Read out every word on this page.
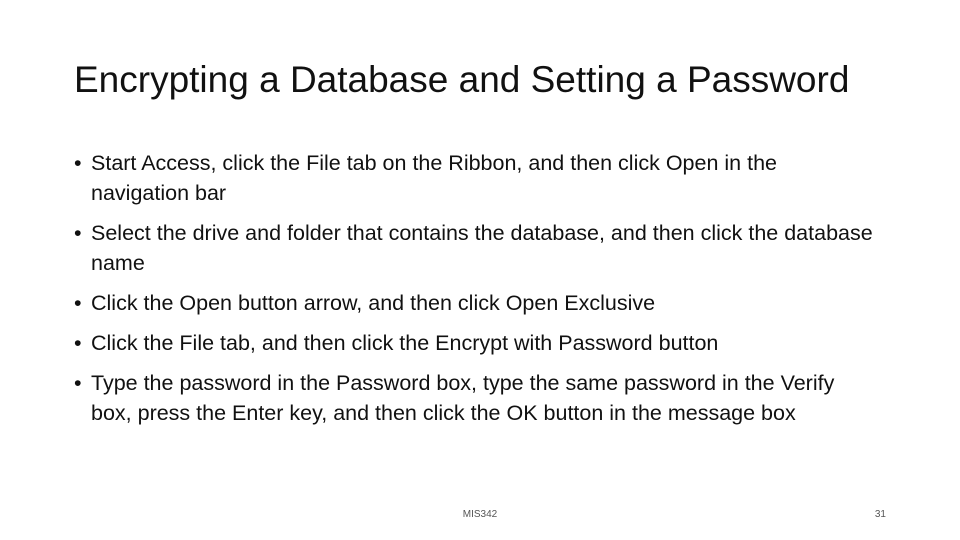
Encrypting a Database and Setting a Password
• Start Access, click the File tab on the Ribbon, and then click Open in the navigation bar
• Select the drive and folder that contains the database, and then click the database name
• Click the Open button arrow, and then click Open Exclusive
• Click the File tab, and then click the Encrypt with Password button
• Type the password in the Password box, type the same password in the Verify box, press the Enter key, and then click the OK button in the message box
MIS342	31
